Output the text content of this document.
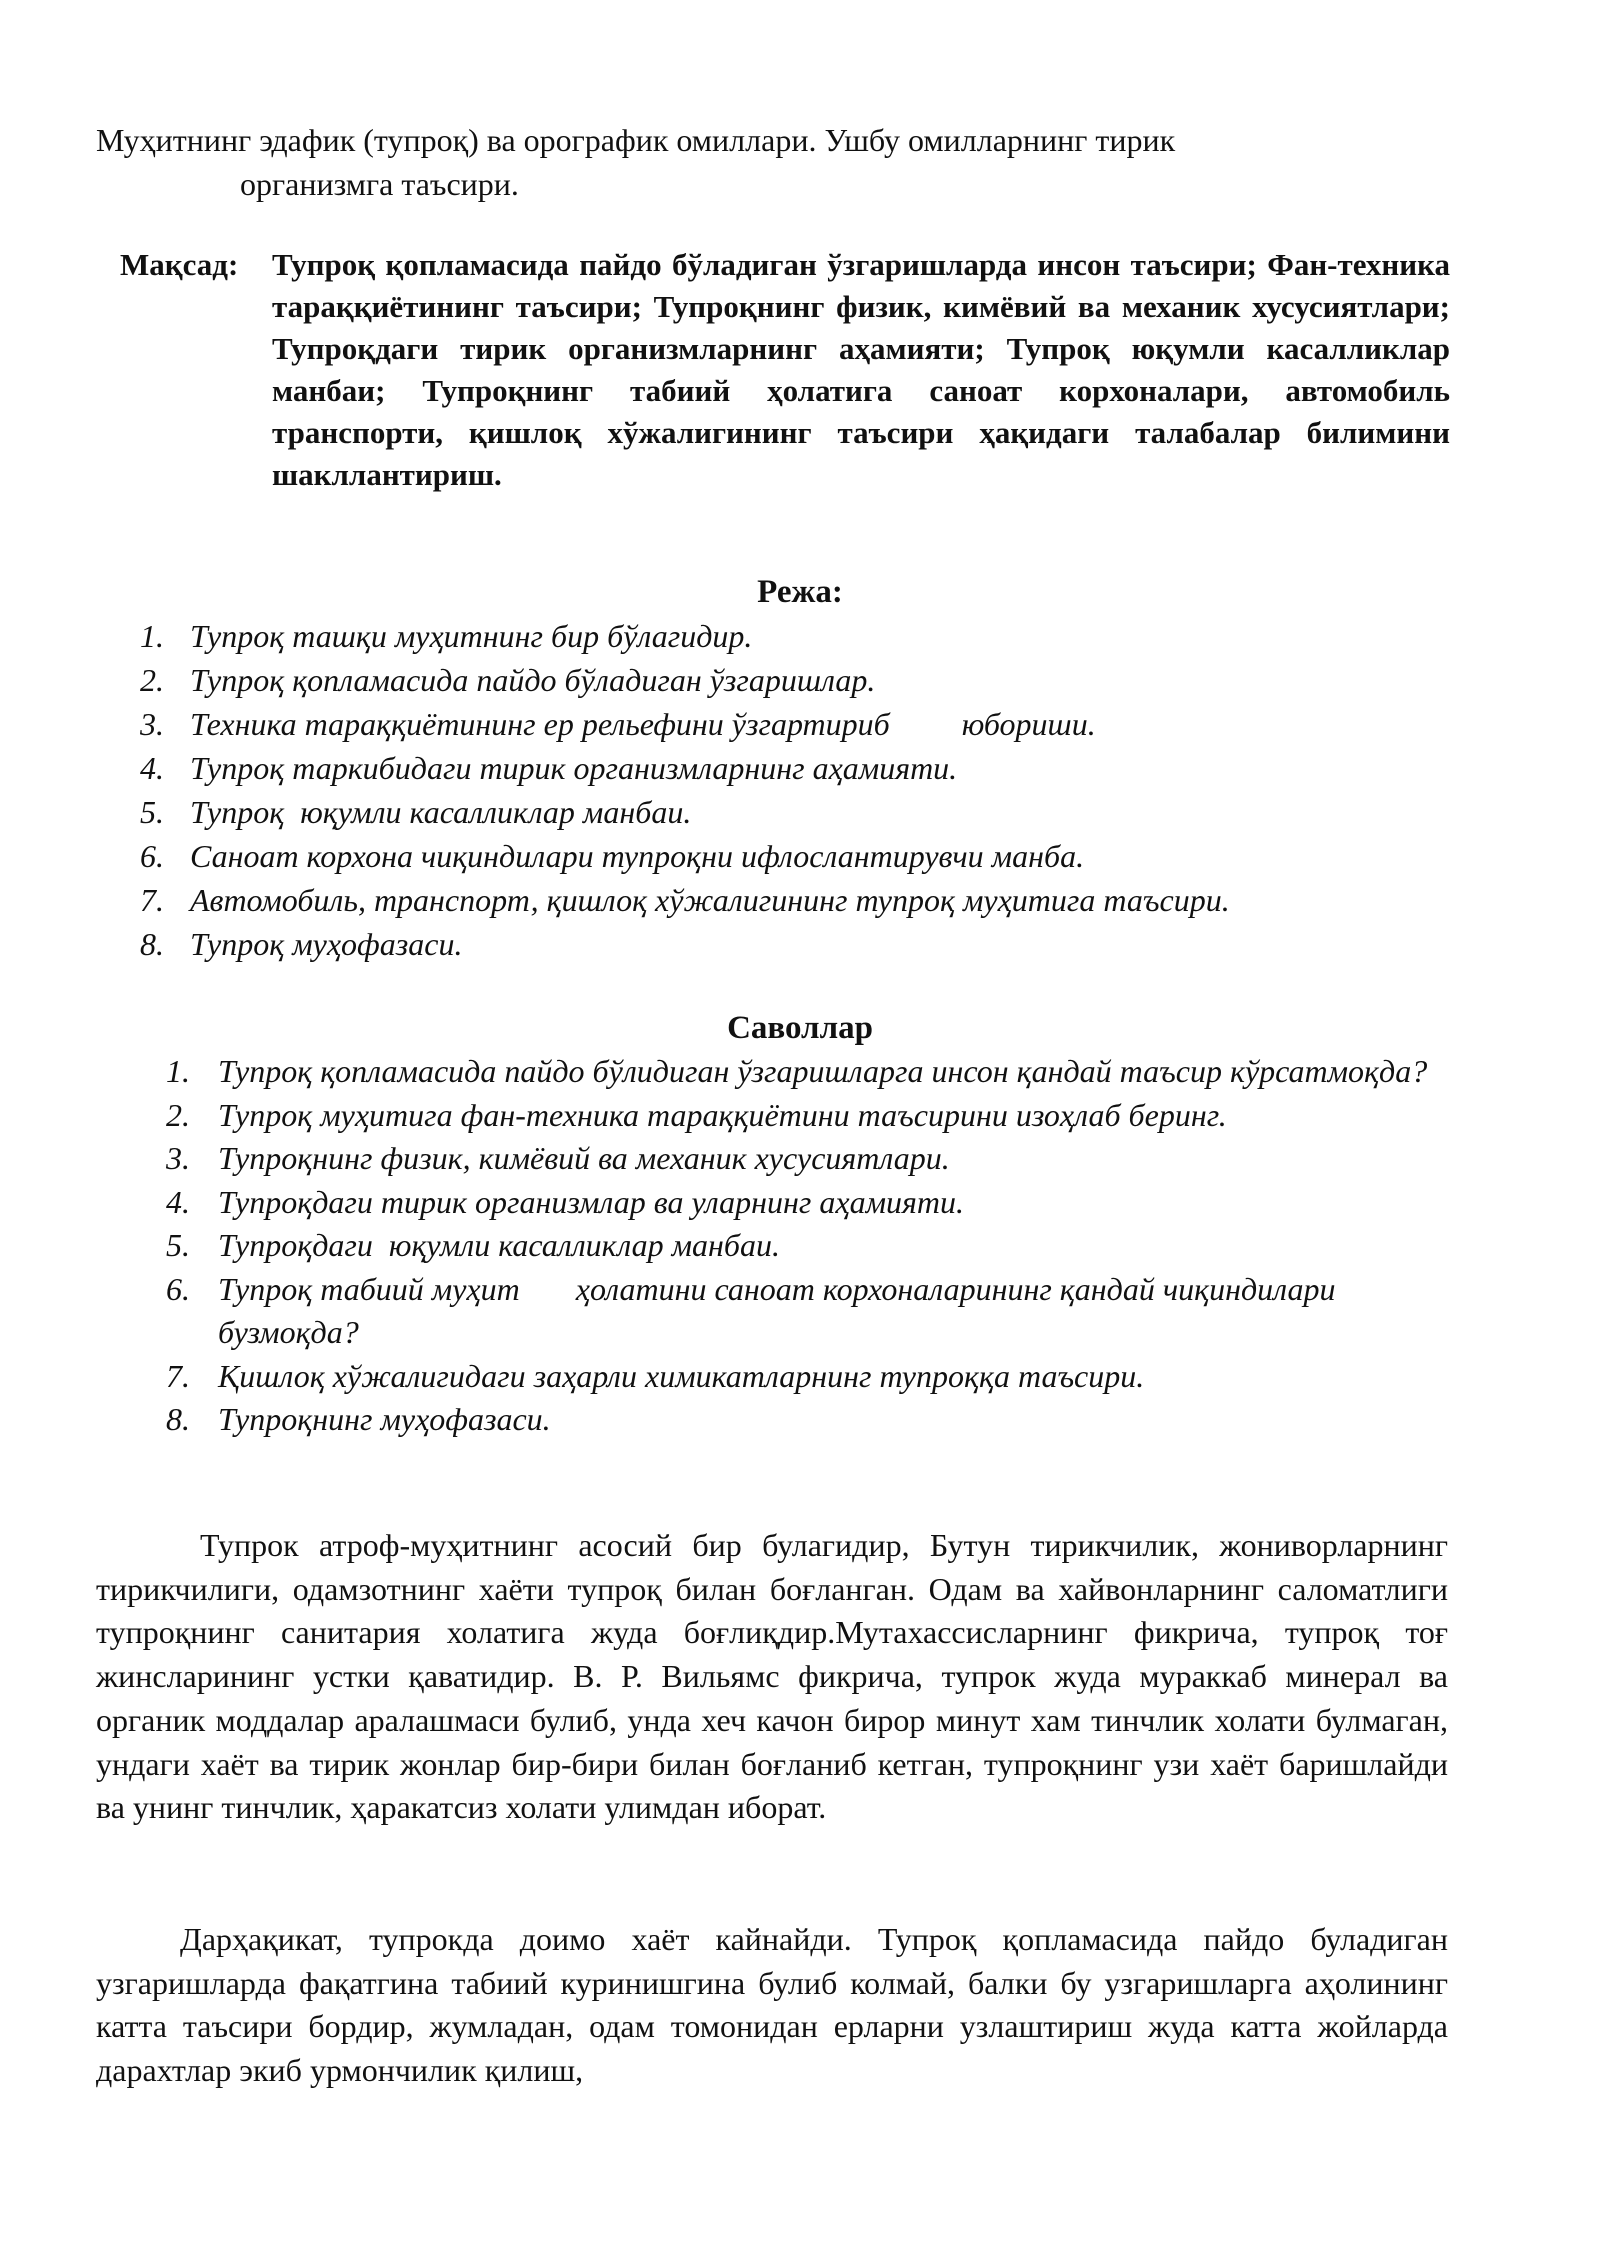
Муҳитнинг эдафик (тупроқ) ва орографик омиллари. Ушбу омилларнинг тирик
организмга таъсири.
Мақсад: Тупроқ қопламасида пайдо бўладиган ўзгаришларда инсон таъсири; Фан-техника тараққиётининг таъсири; Тупроқнинг физик, кимёвий ва механик хусусиятлари; Тупроқдаги тирик организмларнинг аҳамияти; Тупроқ юқумли касалликлар манбаи; Тупроқнинг табиий ҳолатига саноат корхоналари, автомобиль транспорти, қишлоқ хўжалигининг таъсири ҳақидаги талабалар билимини шакллантириш.
Режа:
1. Тупроқ ташқи муҳитнинг бир бўлагидир.
2. Тупроқ қопламасида пайдо бўладиган ўзгаришлар.
3. Техника тараққиётининг ер рельефини ўзгартириб         юбориши.
4. Тупроқ таркибидаги тирик организмларнинг аҳамияти.
5. Тупроқ  юқумли касалликлар манбаи.
6. Саноат корхона чиқиндилари тупроқни ифлослантирувчи манба.
7. Автомобиль, транспорт, қишлоқ хўжалигининг тупроқ муҳитига таъсири.
8. Тупроқ муҳофазаси.
Саволлар
1. Тупроқ қопламасида пайдо бўлидиган ўзгаришларга инсон қандай таъсир кўрсатмоқда?
2. Тупроқ муҳитига фан-техника тараққиётини таъсирини изоҳлаб беринг.
3. Тупроқнинг физик, кимёвий ва механик хусусиятлари.
4. Тупроқдаги тирик организмлар ва уларнинг аҳамияти.
5. Тупроқдаги  юқумли касалликлар манбаи.
6. Тупроқ табиий муҳит       ҳолатини саноат корхоналарининг қандай чиқиндилари бузмоқда?
7. Қишлоқ хўжалигидаги заҳарли химикатларнинг тупроққа таъсири.
8. Тупроқнинг муҳофазаси.

Тупрок атроф-муҳитнинг асосий бир булагидир, Бутун тирикчилик, жониворларнинг тирикчилиги, одамзотнинг хаёти тупроқ билан боғланган. Одам ва хайвонларнинг саломатлиги тупроқнинг санитария холатига жуда боғлиқдир.Мутахассисларнинг фикрича, тупроқ тоғ жинсларининг устки қаватидир. В. Р. Вильямс фикрича, тупрок жуда мураккаб минерал ва органик моддалар аралашмаси булиб, унда хеч качон бирор минут хам тинчлик холати булмаган, ундаги хаёт ва тирик жонлар бир-бири билан боғланиб кетган, тупроқнинг узи хаёт баришлайди ва унинг тинчлик, ҳаракатсиз холати улимдан иборат.

Дарҳақикат, тупрокда доимо хаёт кайнайди. Тупроқ қопламасида пайдо буладиган узгаришларда фақатгина табиий куринишгина булиб колмай, балки бу узгаришларга аҳолининг катта таъсири бордир, жумладан, одам томонидан ерларни узлаштириш жуда катта жойларда дарахтлар экиб урмончилик қилиш,
